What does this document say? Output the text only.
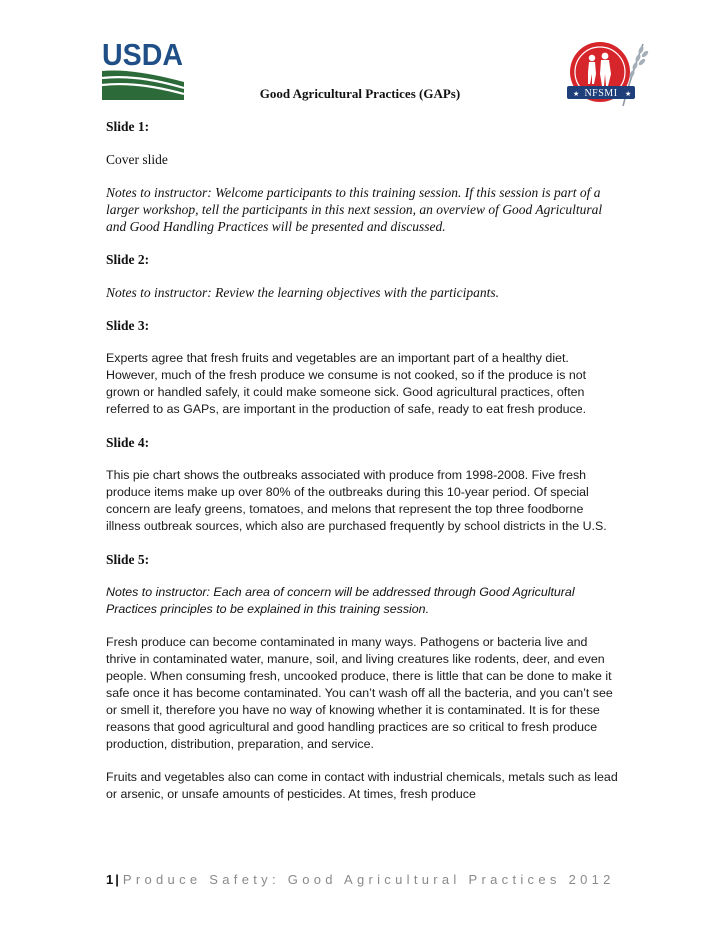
USDA
NFSMI
★	★
Good Agricultural Practices (GAPs)

Slide 1:

Cover slide

Notes to instructor: Welcome participants to this training session. If this session is part of a larger workshop, tell the participants in this next session, an overview of Good Agricultural and Good Handling Practices will be presented and discussed.

Slide 2:

Notes to instructor: Review the learning objectives with the participants.

Slide 3:

Experts agree that fresh fruits and vegetables are an important part of a healthy diet. However, much of the fresh produce we consume is not cooked, so if the produce is not grown or handled safely, it could make someone sick. Good agricultural practices, often referred to as GAPs, are important in the production of safe, ready to eat fresh produce.

Slide 4:

This pie chart shows the outbreaks associated with produce from 1998-2008. Five fresh produce items make up over 80% of the outbreaks during this 10-year period. Of special concern are leafy greens, tomatoes, and melons that represent the top three foodborne illness outbreak sources, which also are purchased frequently by school districts in the U.S.

Slide 5:

Notes to instructor: Each area of concern will be addressed through Good Agricultural Practices principles to be explained in this training session.

Fresh produce can become contaminated in many ways. Pathogens or bacteria live and thrive in contaminated water, manure, soil, and living creatures like rodents, deer, and even people. When consuming fresh, uncooked produce, there is little that can be done to make it safe once it has become contaminated. You can’t wash off all the bacteria, and you can’t see or smell it, therefore you have no way of knowing whether it is contaminated. It is for these reasons that good agricultural and good handling practices are so critical to fresh produce production, distribution, preparation, and service.

Fruits and vegetables also can come in contact with industrial chemicals, metals such as lead or arsenic, or unsafe amounts of pesticides. At times, fresh produce

1 | Produce Safety: Good Agricultural Practices 2012
